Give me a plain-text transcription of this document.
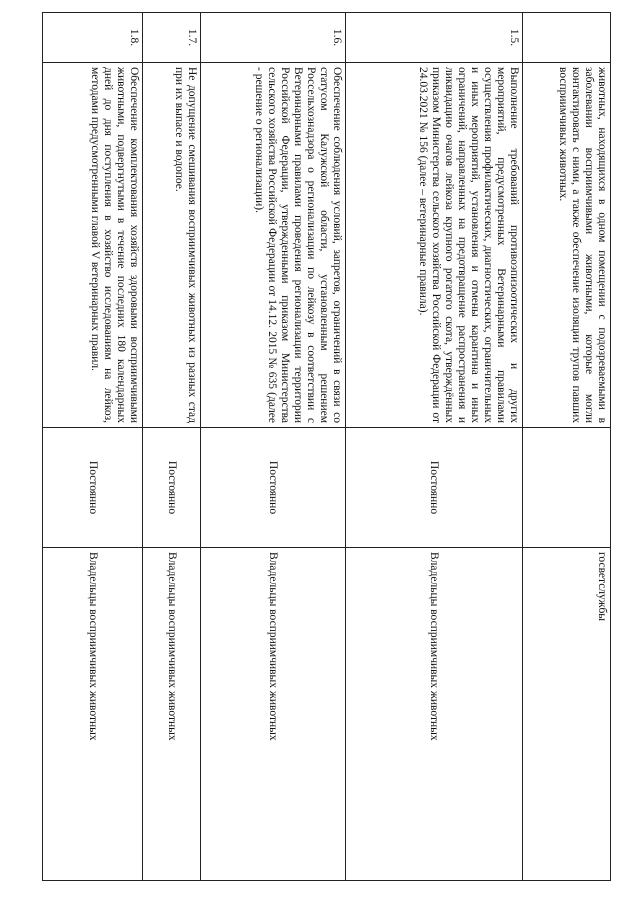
	животных, находящихся в одном помещении с подозреваемыми в заболевании восприимчивыми животными, которые могли контактировать с ними, а также обеспечение изоляции трупов павших восприимчивых животных.		госветслужбы
1.5.	Выполнение требований противоэпизоотических и других мероприятий, предусмотренных Ветеринарными правилами осуществления профилактических, диагностических, ограничительных и иных мероприятий, установления и отмены карантина и иных ограничений, направленных на предотвращение распространения и ликвидацию очагов лейкоза крупного рогатого скота, утверждённых приказом Министерства сельского хозяйства Российской Федерации от 24.03.2021 № 156 (далее – ветеринарные правила).	Постоянно	Владельцы восприимчивых животных
1.6.	Обеспечение соблюдения условий, запретов, ограничений в связи со статусом Калужской области, установленным решением Россельхознадзора о регионализации по лейкозу в соответствии с Ветеринарными правилами проведения регионализации территории Российской Федерации, утвержденными приказом Министерства сельского хозяйства Российской Федерации от 14.12. 2015 № 635 (далее - решение о регионализации).	Постоянно	Владельцы восприимчивых животных
1.7.	Не допущение смешивания восприимчивых животных из разных стад при их выпасе и водопое.	Постоянно	Владельцы восприимчивых животных
1.8.	Обеспечение комплектования хозяйств здоровыми восприимчивыми животными, подвергнутыми в течение последних 180 календарных дней до дня поступления в хозяйство исследованиям на лейкоз, методами предусмотренными главой V ветеринарных правил.	Постоянно	Владельцы восприимчивых животных
